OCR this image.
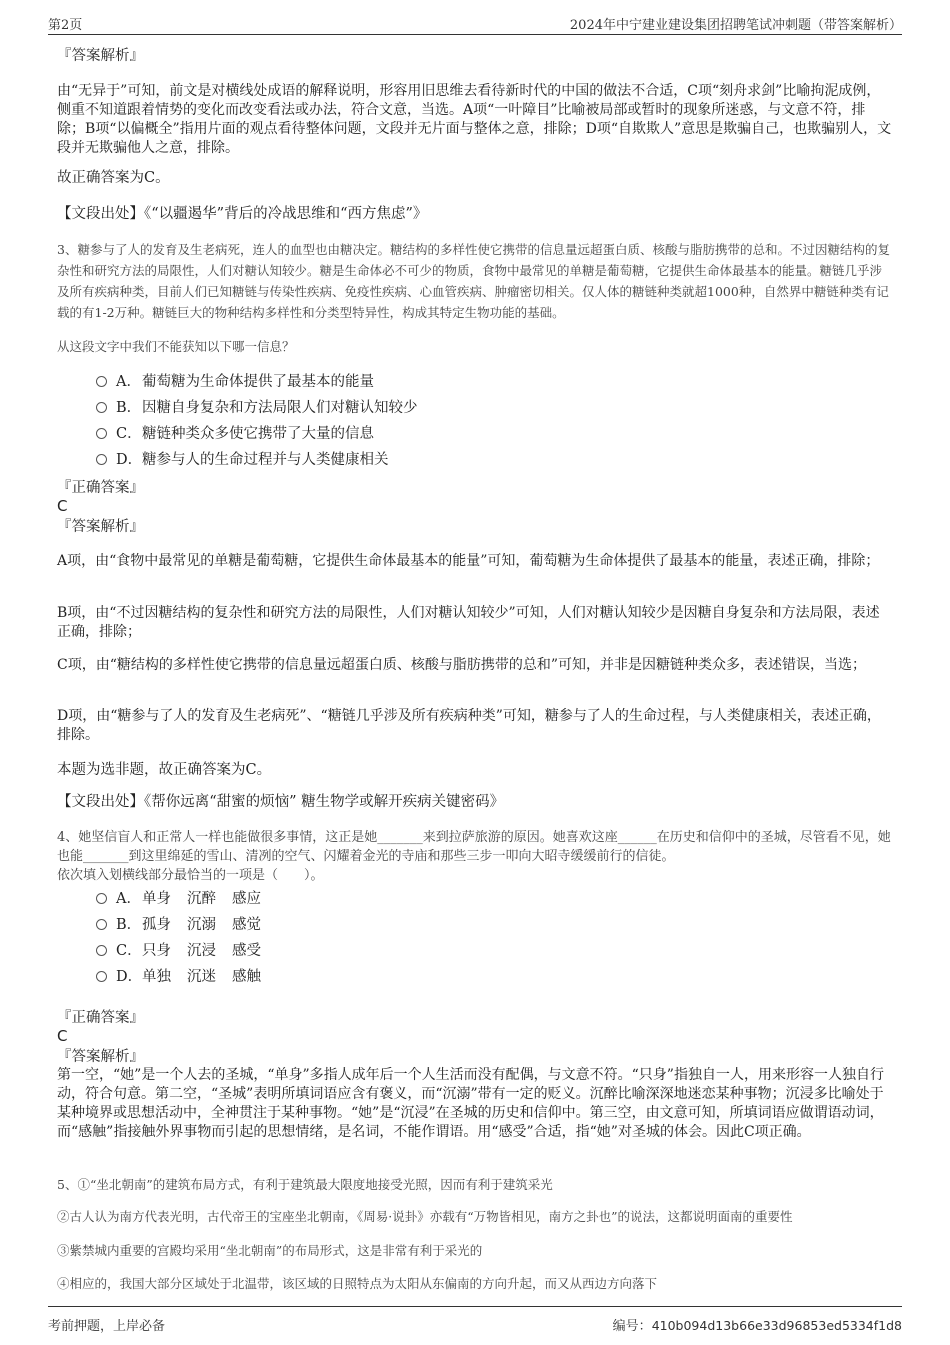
第2页	2024年中宁建业建设集团招聘笔试冲刺题（带答案解析）
『答案解析』
由“无异于”可知，前文是对横线处成语的解释说明，形容用旧思维去看待新时代的中国的做法不合适，C项“刻舟求剑”比喻拘泥成例，侧重不知道跟着情势的变化而改变看法或办法，符合文意，当选。A项“一叶障目”比喻被局部或暂时的现象所迷惑，与文意不符，排除；B项“以偏概全”指用片面的观点看待整体问题，文段并无片面与整体之意，排除；D项“自欺欺人”意思是欺骗自己，也欺骗别人，文段并无欺骗他人之意，排除。
故正确答案为C。
【文段出处】《“以疆遏华”背后的冷战思维和“西方焦虑”》
3、糖参与了人的发育及生老病死，连人的血型也由糖决定。糖结构的多样性使它携带的信息量远超蛋白质、核酸与脂肪携带的总和。不过因糖结构的复杂性和研究方法的局限性，人们对糖认知较少。糖是生命体必不可少的物质，食物中最常见的单糖是葡萄糖，它提供生命体最基本的能量。糖链几乎涉及所有疾病种类，目前人们已知糖链与传染性疾病、免疫性疾病、心血管疾病、肿瘤密切相关。仅人体的糖链种类就超1000种，自然界中糖链种类有记载的有1-2万种。糖链巨大的物种结构多样性和分类型特异性，构成其特定生物功能的基础。
从这段文字中我们不能获知以下哪一信息？
A．葡萄糖为生命体提供了最基本的能量
B．因糖自身复杂和方法局限人们对糖认知较少
C．糖链种类众多使它携带了大量的信息
D．糖参与人的生命过程并与人类健康相关
『正确答案』
C
『答案解析』
A项，由“食物中最常见的单糖是葡萄糖，它提供生命体最基本的能量”可知，葡萄糖为生命体提供了最基本的能量，表述正确，排除；
B项，由“不过因糖结构的复杂性和研究方法的局限性，人们对糖认知较少”可知，人们对糖认知较少是因糖自身复杂和方法局限，表述正确，排除；
C项，由“糖结构的多样性使它携带的信息量远超蛋白质、核酸与脂肪携带的总和”可知，并非是因糖链种类众多，表述错误，当选；
D项，由“糖参与了人的发育及生老病死”、“糖链几乎涉及所有疾病种类”可知，糖参与了人的生命过程，与人类健康相关，表述正确，排除。
本题为选非题，故正确答案为C。
【文段出处】《帮你远离“甜蜜的烦恼” 糖生物学或解开疾病关键密码》
4、她坚信盲人和正常人一样也能做很多事情，这正是她_______来到拉萨旅游的原因。她喜欢这座______在历史和信仰中的圣城，尽管看不见，她也能_______到这里绵延的雪山、清冽的空气、闪耀着金光的寺庙和那些三步一叩向大昭寺缓缓前行的信徒。
依次填入划横线部分最恰当的一项是（　　）。
A．单身 沉醉 感应
B．孤身 沉溺 感觉
C．只身 沉浸 感受
D．单独 沉迷 感触
『正确答案』
C
『答案解析』
第一空，“她”是一个人去的圣城，“单身”多指人成年后一个人生活而没有配偶，与文意不符。“只身”指独自一人，用来形容一人独自行动，符合句意。第二空，“圣城”表明所填词语应含有褒义，而“沉溺”带有一定的贬义。沉醉比喻深深地迷恋某种事物；沉浸多比喻处于某种境界或思想活动中，全神贯注于某种事物。“她”是“沉浸”在圣城的历史和信仰中。第三空，由文意可知，所填词语应做谓语动词，而“感触”指接触外界事物而引起的思想情绪，是名词，不能作谓语。用“感受”合适，指“她”对圣城的体会。因此C项正确。
5、①“坐北朝南”的建筑布局方式，有利于建筑最大限度地接受光照，因而有利于建筑采光
②古人认为南方代表光明，古代帝王的宝座坐北朝南，《周易·说卦》亦载有“万物皆相见，南方之卦也”的说法，这都说明面南的重要性
③紫禁城内重要的宫殿均采用“坐北朝南”的布局形式，这是非常有利于采光的
④相应的，我国大部分区域处于北温带，该区域的日照特点为太阳从东偏南的方向升起，而又从西边方向落下
考前押题，上岸必备	编号：410b094d13b66e33d96853ed5334f1d8
